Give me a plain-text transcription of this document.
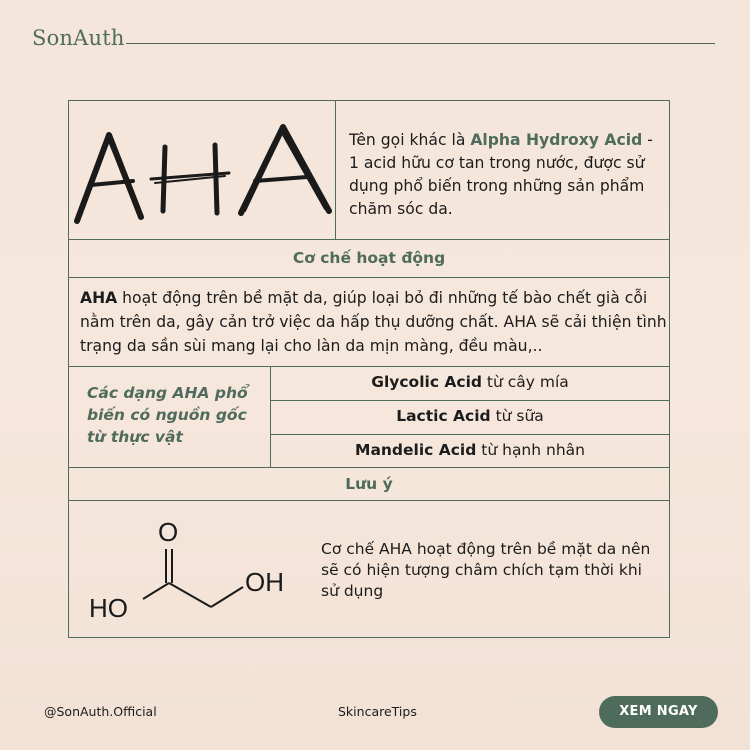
SonAuth
Tên gọi khác là Alpha Hydroxy Acid - 1 acid hữu cơ tan trong nước, được sử dụng phổ biến trong những sản phẩm chăm sóc da.
Cơ chế hoạt động
AHA hoạt động trên bề mặt da, giúp loại bỏ đi những tế bào chết già cỗi nằm trên da, gây cản trở việc da hấp thụ dưỡng chất. AHA sẽ cải thiện tình trạng da sần sùi mang lại cho làn da mịn màng, đều màu,..
Các dạng AHA phổ biến có nguồn gốc từ thực vật
Glycolic Acid từ cây mía
Lactic Acid từ sữa
Mandelic Acid từ hạnh nhân
Lưu ý
O
OH
HO
Cơ chế AHA hoạt động trên bề mặt da nên sẽ có hiện tượng châm chích tạm thời khi sử dụng
@SonAuth.Official	SkincareTips	XEM NGAY
